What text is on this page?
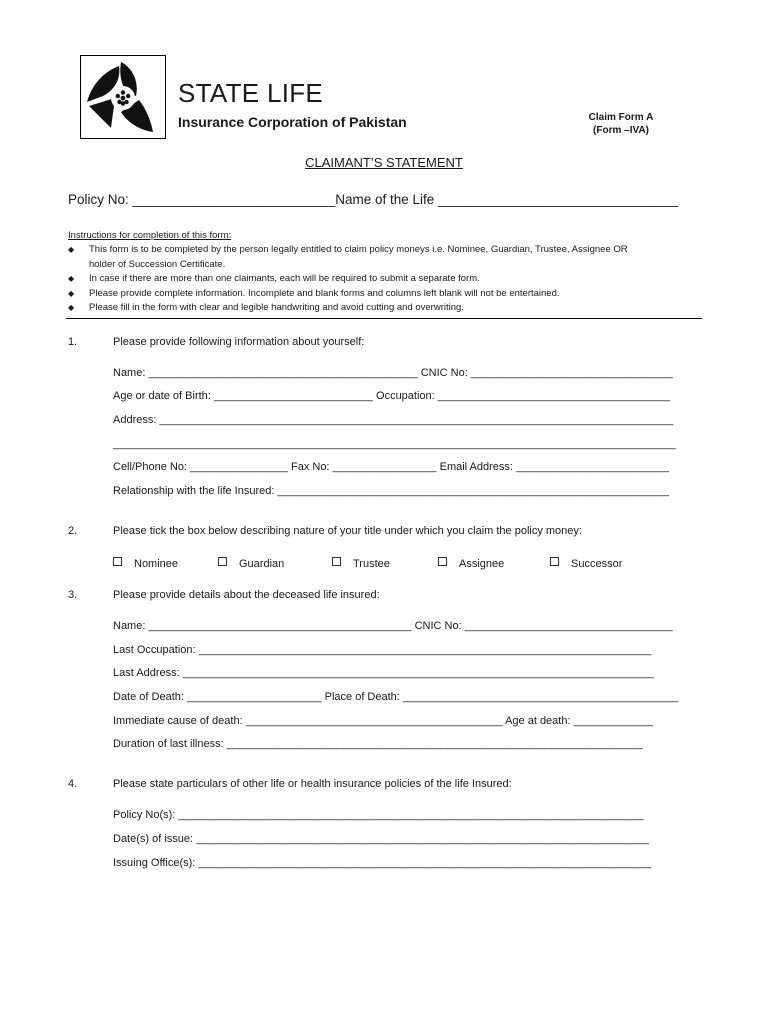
STATE LIFE
Insurance Corporation of Pakistan	Claim Form A
(Form –IVA)
CLAIMANT’S STATEMENT
Policy No: ___________________________Name of the Life ________________________________
Instructions for completion of this form:
◆	This form is to be completed by the person legally entitled to claim policy moneys i.e. Nominee, Guardian, Trustee, Assignee OR
holder of Succession Certificate.
◆	In case if there are more than one claimants, each will be required to submit a separate form.
◆	Please provide complete information. Incomplete and blank forms and columns left blank will not be entertained.
◆	Please fill in the form with clear and legible handwriting and avoid cutting and overwriting.
1.	Please provide following information about yourself:
Name: ____________________________________________ CNIC No: _________________________________
Age or date of Birth: __________________________ Occupation: ______________________________________
Address: ____________________________________________________________________________________
____________________________________________________________________________________________
Cell/Phone No: ________________ Fax No: _________________ Email Address: _________________________
Relationship with the life Insured: ________________________________________________________________
2.	Please tick the box below describing nature of your title under which you claim the policy money:
Nominee	Guardian	Trustee	Assignee	Successor
3.	Please provide details about the deceased life insured:
Name: ___________________________________________ CNIC No: __________________________________
Last Occupation: __________________________________________________________________________
Last Address: _____________________________________________________________________________
Date of Death: ______________________ Place of Death: _____________________________________________
Immediate cause of death: __________________________________________ Age at death: _____________
Duration of last illness: ____________________________________________________________________
4.	Please state particulars of other life or health insurance policies of the life Insured:
Policy No(s): ____________________________________________________________________________
Date(s) of issue: __________________________________________________________________________
Issuing Office(s): __________________________________________________________________________
